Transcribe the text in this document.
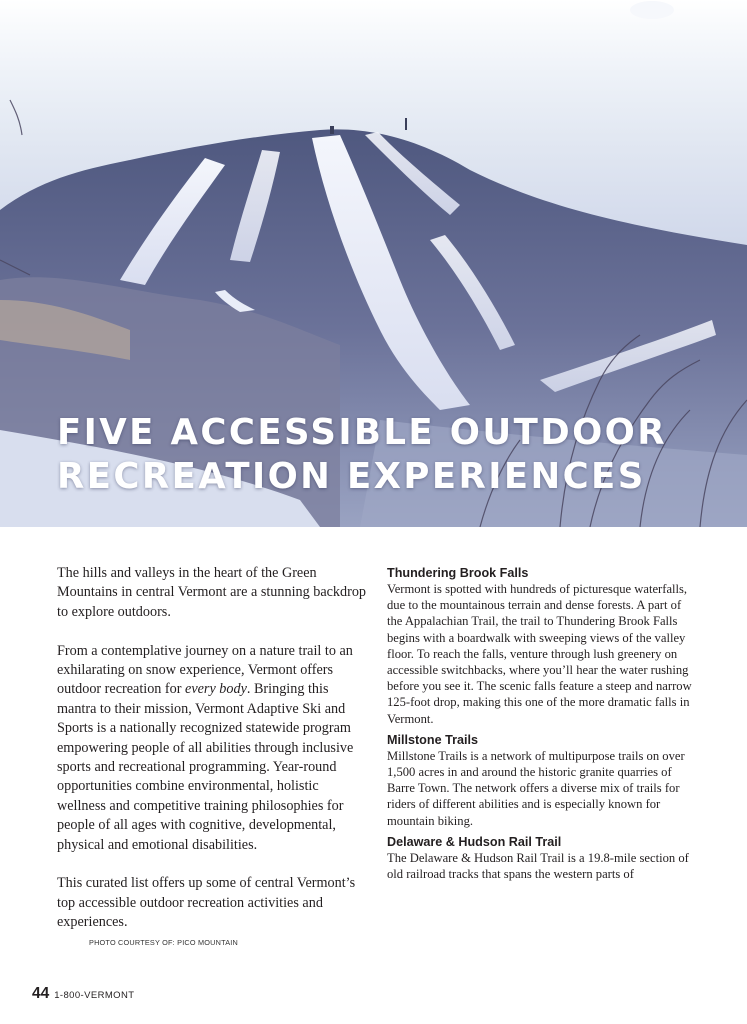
FIVE ACCESSIBLE OUTDOOR
RECREATION EXPERIENCES

The hills and valleys in the heart of the Green Mountains in central Vermont are a stunning backdrop to explore outdoors.

From a contemplative journey on a nature trail to an exhilarating on snow experience, Vermont offers outdoor recreation for every body. Bringing this mantra to their mission, Vermont Adaptive Ski and Sports is a nationally recognized statewide program empowering people of all abilities through inclusive sports and recreational programming. Year-round opportunities combine environmental, holistic wellness and competitive training philosophies for people of all ages with cognitive, developmental, physical and emotional disabilities.

This curated list offers up some of central Vermont’s top accessible outdoor recreation activities and experiences.

Thundering Brook Falls

Vermont is spotted with hundreds of picturesque waterfalls, due to the mountainous terrain and dense forests. A part of the Appalachian Trail, the trail to Thundering Brook Falls begins with a boardwalk with sweeping views of the valley floor. To reach the falls, venture through lush greenery on accessible switchbacks, where you’ll hear the water rushing before you see it. The scenic falls feature a steep and narrow 125-foot drop, making this one of the more dramatic falls in Vermont.

Millstone Trails

Millstone Trails is a network of multipurpose trails on over 1,500 acres in and around the historic granite quarries of Barre Town. The network offers a diverse mix of trails for riders of different abilities and is especially known for mountain biking.

Delaware & Hudson Rail Trail

The Delaware & Hudson Rail Trail is a 19.8-mile section of old railroad tracks that spans the western parts of

PHOTO COURTESY OF: PICO MOUNTAIN
44 1-800-VERMONT
